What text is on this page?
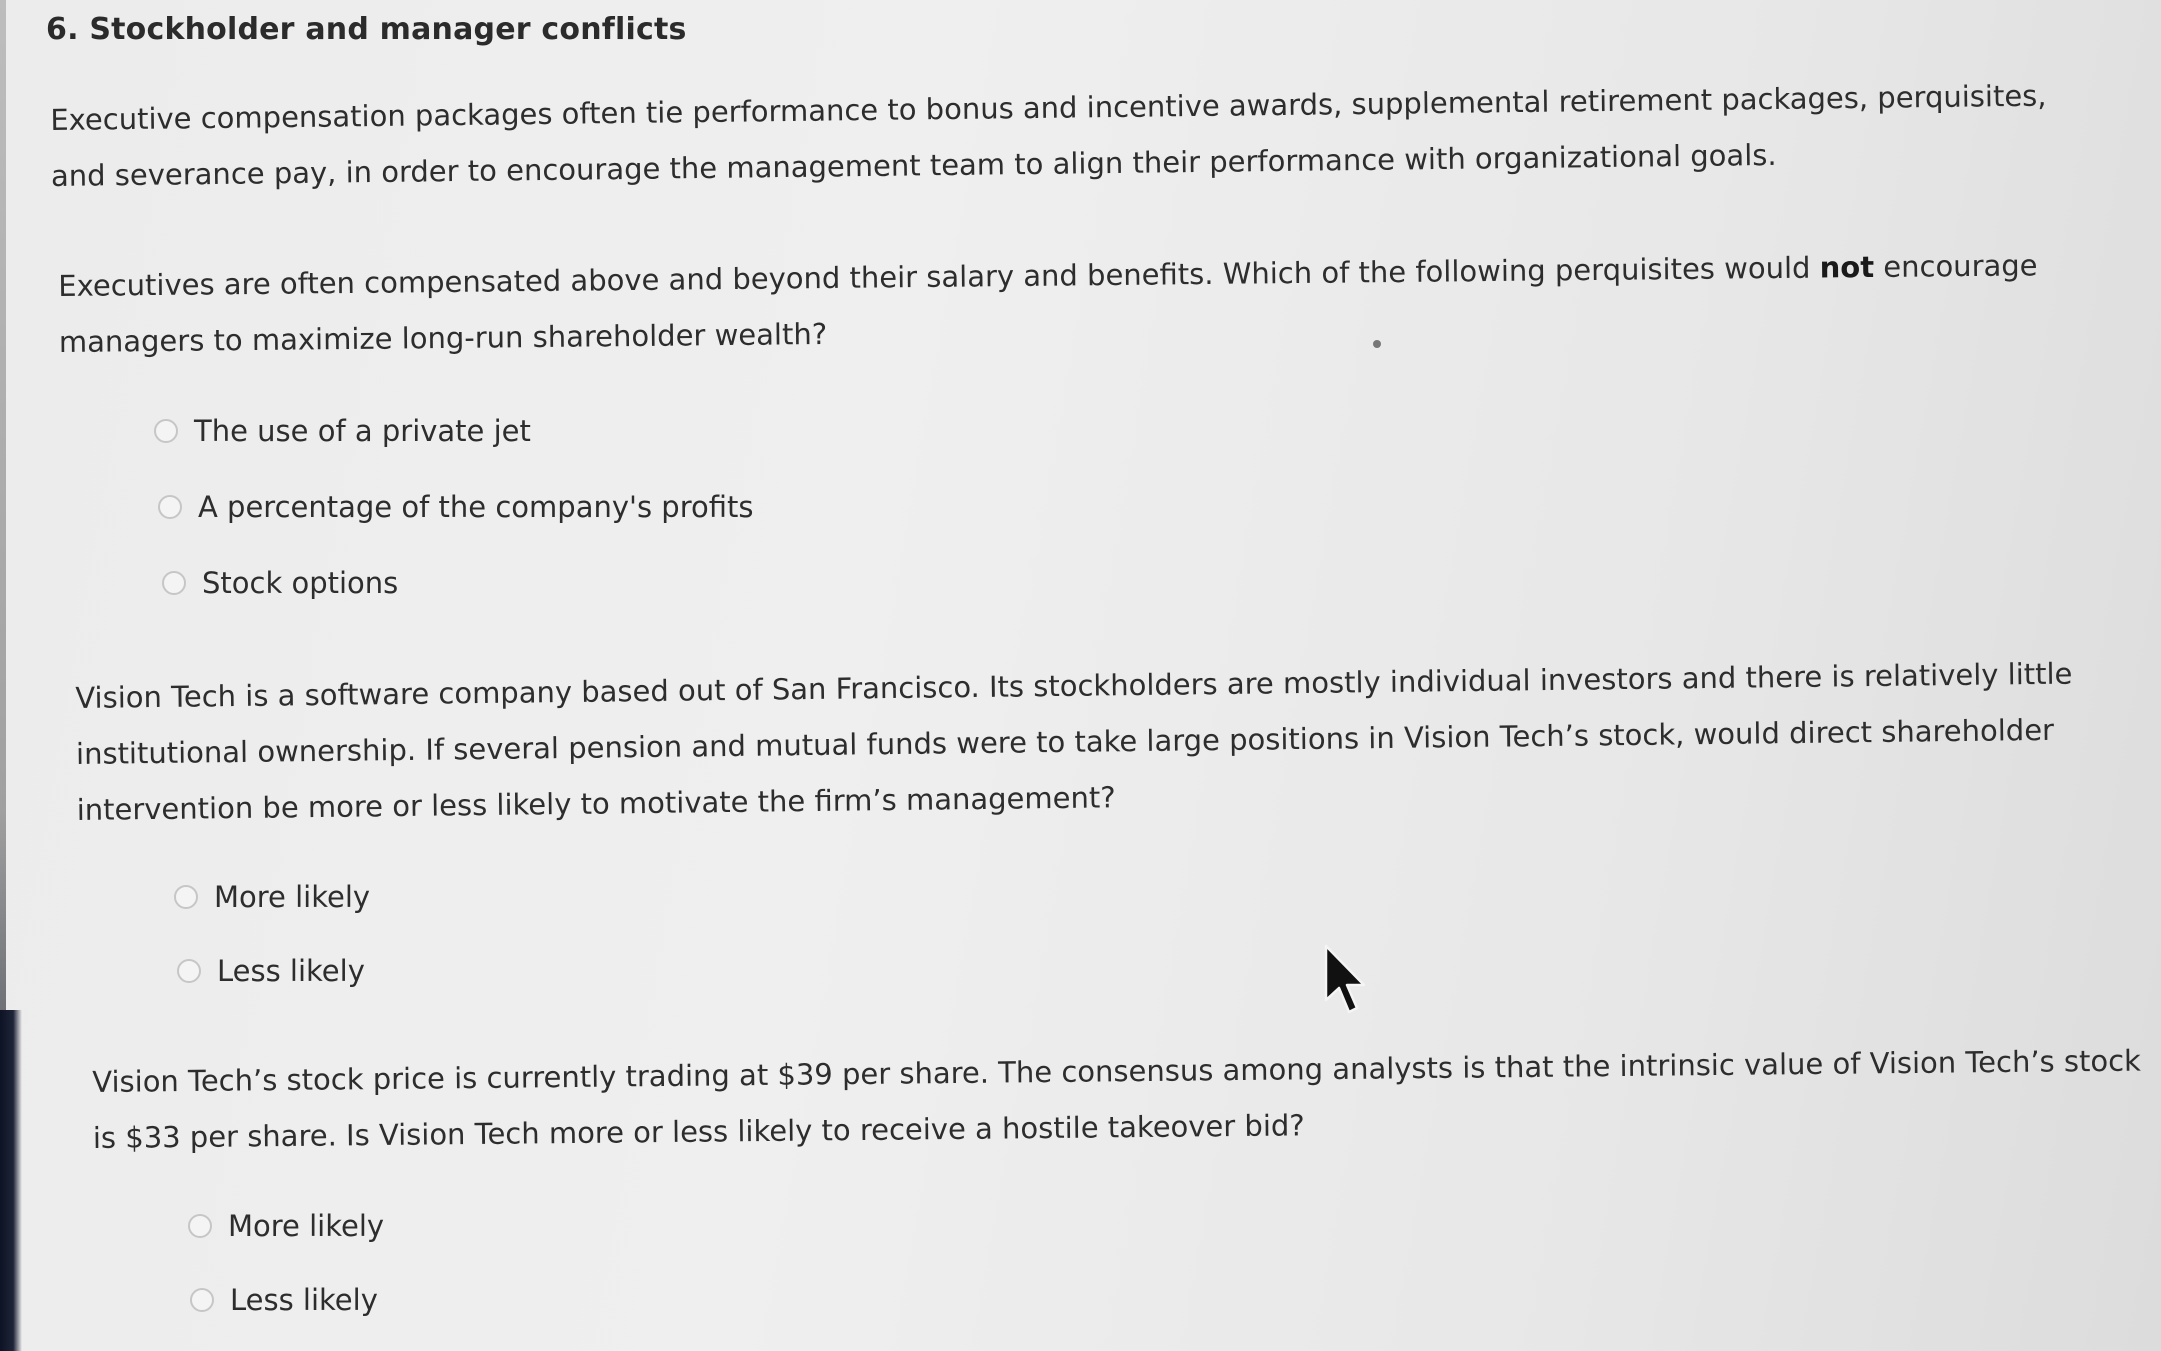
6. Stockholder and manager conflicts
Executive compensation packages often tie performance to bonus and incentive awards, supplemental retirement packages, perquisites, and severance pay, in order to encourage the management team to align their performance with organizational goals.
Executives are often compensated above and beyond their salary and benefits. Which of the following perquisites would not encourage managers to maximize long-run shareholder wealth?
The use of a private jet
A percentage of the company's profits
Stock options
Vision Tech is a software company based out of San Francisco. Its stockholders are mostly individual investors and there is relatively little institutional ownership. If several pension and mutual funds were to take large positions in Vision Tech’s stock, would direct shareholder intervention be more or less likely to motivate the firm’s management?
More likely
Less likely
Vision Tech’s stock price is currently trading at $39 per share. The consensus among analysts is that the intrinsic value of Vision Tech’s stock is $33 per share. Is Vision Tech more or less likely to receive a hostile takeover bid?
More likely
Less likely
